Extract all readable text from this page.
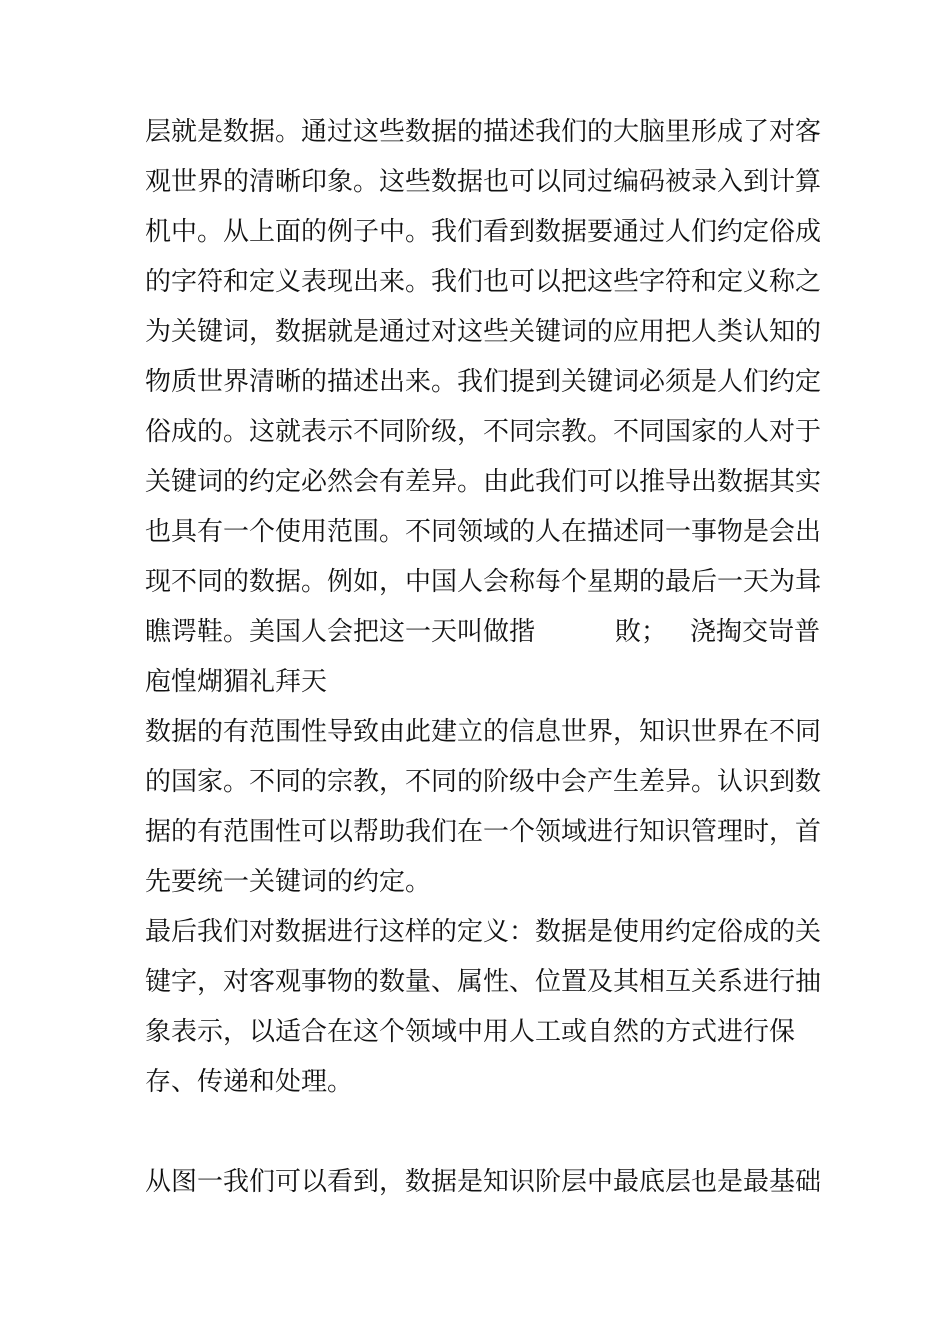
层就是数据。通过这些数据的描述我们的大脑里形成了对客
观世界的清晰印象。这些数据也可以同过编码被录入到计算
机中。从上面的例子中。我们看到数据要通过人们约定俗成
的字符和定义表现出来。我们也可以把这些字符和定义称之
为关键词，数据就是通过对这些关键词的应用把人类认知的
物质世界清晰的描述出来。我们提到关键词必须是人们约定
俗成的。这就表示不同阶级，不同宗教。不同国家的人对于
关键词的约定必然会有差异。由此我们可以推导出数据其实
也具有一个使用范围。不同领域的人在描述同一事物是会出
现不同的数据。例如，中国人会称每个星期的最后一天为咠
瞧谔鞋。美国人会把这一天叫做揩	敗； 浇掏交岢普
庖惶煳猸礼拜天
数据的有范围性导致由此建立的信息世界，知识世界在不同
的国家。不同的宗教，不同的阶级中会产生差异。认识到数
据的有范围性可以帮助我们在一个领域进行知识管理时，首
先要统一关键词的约定。
最后我们对数据进行这样的定义：数据是使用约定俗成的关
键字，对客观事物的数量、属性、位置及其相互关系进行抽
象表示，以适合在这个领域中用人工或自然的方式进行保
存、传递和处理。
从图一我们可以看到，数据是知识阶层中最底层也是最基础
